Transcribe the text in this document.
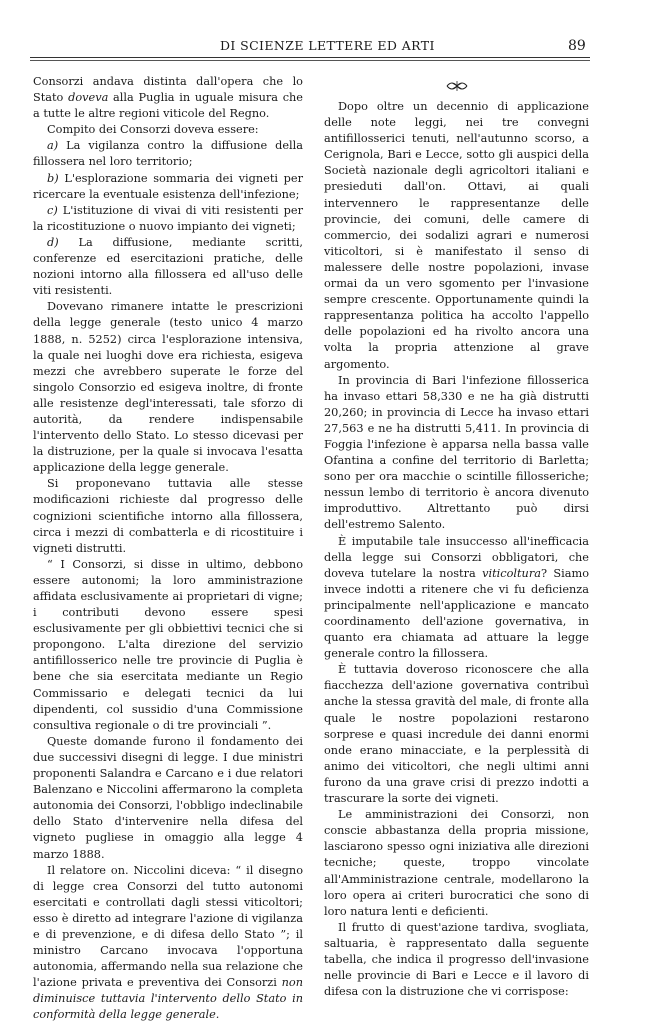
DI SCIENZE LETTERE ED ARTI	89

Consorzi andava distinta dall'opera che lo Stato doveva alla Puglia in uguale misura che a tutte le altre regioni viticole del Regno.

Compito dei Consorzi doveva essere:

a) La vigilanza contro la diffusione della fillossera nel loro territorio;

b) L'esplorazione sommaria dei vigneti per ricercare la eventuale esistenza dell'infezione;

c) L'istituzione di vivai di viti resistenti per la ricostituzione o nuovo impianto dei vigneti;

d) La diffusione, mediante scritti, conferenze ed esercitazioni pratiche, delle nozioni intorno alla fillossera ed all'uso delle viti resistenti.

Dovevano rimanere intatte le prescrizioni della legge generale (testo unico 4 marzo 1888, n. 5252) circa l'esplorazione intensiva, la quale nei luoghi dove era richiesta, esigeva mezzi che avrebbero superate le forze del singolo Consorzio ed esigeva inoltre, di fronte alle resistenze degl'interessati, tale sforzo di autorità, da rendere indispensabile l'intervento dello Stato. Lo stesso dicevasi per la distruzione, per la quale si invocava l'esatta applicazione della legge generale.

Si proponevano tuttavia alle stesse modificazioni richieste dal progresso delle cognizioni scientifiche intorno alla fillossera, circa i mezzi di combatterla e di ricostituire i vigneti distrutti.

“ I Consorzi, si disse in ultimo, debbono essere autonomi; la loro amministrazione affidata esclusivamente ai proprietari di vigne; i contributi devono essere spesi esclusivamente per gli obbiettivi tecnici che si propongono. L'alta direzione del servizio antifillosserico nelle tre provincie di Puglia è bene che sia esercitata mediante un Regio Commissario e delegati tecnici da lui dipendenti, col sussidio d'una Commissione consultiva regionale o di tre provinciali ”.

Queste domande furono il fondamento dei due successivi disegni di legge. I due ministri proponenti Salandra e Carcano e i due relatori Balenzano e Niccolini affermarono la completa autonomia dei Consorzi, l'obbligo indeclinabile dello Stato d'intervenire nella difesa del vigneto pugliese in omaggio alla legge 4 marzo 1888.

Il relatore on. Niccolini diceva: “ il disegno di legge crea Consorzi del tutto autonomi esercitati e controllati dagli stessi viticoltori; esso è diretto ad integrare l'azione di vigilanza e di prevenzione, e di difesa dello Stato ”; il ministro Carcano invocava l'opportuna autonomia, affermando nella sua relazione che l'azione privata e preventiva dei Consorzi non diminuisce tuttavia l'intervento dello Stato in conformità della legge generale.

Dopo oltre un decennio di applicazione delle note leggi, nei tre convegni antifillosserici tenuti, nell'autunno scorso, a Cerignola, Bari e Lecce, sotto gli auspici della Società nazionale degli agricoltori italiani e presieduti dall'on. Ottavi, ai quali intervennero le rappresentanze delle provincie, dei comuni, delle camere di commercio, dei sodalizi agrari e numerosi viticoltori, si è manifestato il senso di malessere delle nostre popolazioni, invase ormai da un vero sgomento per l'invasione sempre crescente. Opportunamente quindi la rappresentanza politica ha accolto l'appello delle popolazioni ed ha rivolto ancora una volta la propria attenzione al grave argomento.

In provincia di Bari l'infezione fillosserica ha invaso ettari 58,330 e ne ha già distrutti 20,260; in provincia di Lecce ha invaso ettari 27,563 e ne ha distrutti 5,411. In provincia di Foggia l'infezione è apparsa nella bassa valle Ofantina a confine del territorio di Barletta; sono per ora macchie o scintille fillosseriche; nessun lembo di territorio è ancora divenuto improduttivo. Altrettanto può dirsi dell'estremo Salento.

È imputabile tale insuccesso all'inefficacia della legge sui Consorzi obbligatori, che doveva tutelare la nostra viticoltura? Siamo invece indotti a ritenere che vi fu deficienza principalmente nell'applicazione e mancato coordinamento dell'azione governativa, in quanto era chiamata ad attuare la legge generale contro la fillossera.

È tuttavia doveroso riconoscere che alla fiacchezza dell'azione governativa contribuì anche la stessa gravità del male, di fronte alla quale le nostre popolazioni restarono sorprese e quasi incredule dei danni enormi onde erano minacciate, e la perplessità di animo dei viticoltori, che negli ultimi anni furono da una grave crisi di prezzo indotti a trascurare la sorte dei vigneti.

Le amministrazioni dei Consorzi, non conscie abbastanza della propria missione, lasciarono spesso ogni iniziativa alle direzioni tecniche; queste, troppo vincolate all'Amministrazione centrale, modellarono la loro opera ai criteri burocratici che sono di loro natura lenti e deficienti.

Il frutto di quest'azione tardiva, svogliata, saltuaria, è rappresentato dalla seguente tabella, che indica il progresso dell'invasione nelle provincie di Bari e Lecce e il lavoro di difesa con la distruzione che vi corrispose:
